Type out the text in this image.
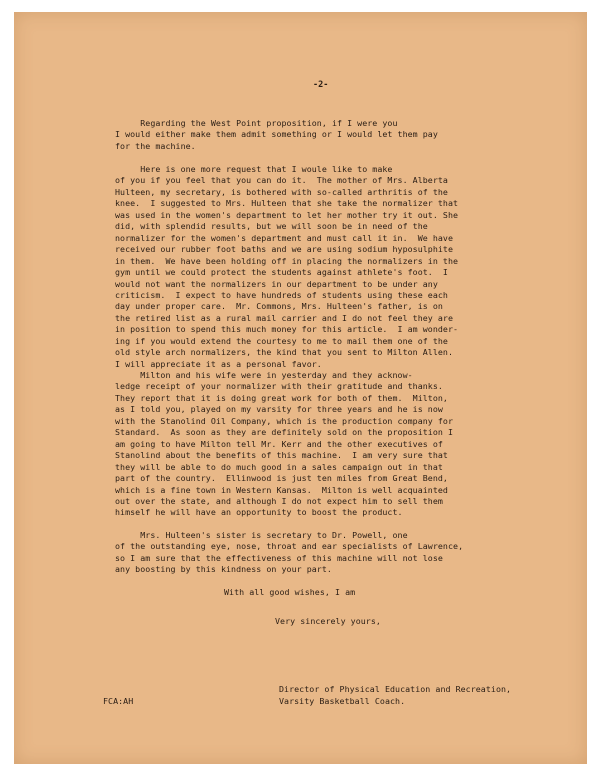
-2-
Regarding the West Point proposition, if I were you
I would either make them admit something or I would let them pay
for the machine.
Here is one more request that I woule like to make
of you if you feel that you can do it.  The mother of Mrs. Alberta
Hulteen, my secretary, is bothered with so-called arthritis of the
knee.  I suggested to Mrs. Hulteen that she take the normalizer that
was used in the women's department to let her mother try it out. She
did, with splendid results, but we will soon be in need of the
normalizer for the women's department and must call it in.  We have
received our rubber foot baths and we are using sodium hyposulphite
in them.  We have been holding off in placing the normalizers in the
gym until we could protect the students against athlete's foot.  I
would not want the normalizers in our department to be under any
criticism.  I expect to have hundreds of students using these each
day under proper care.  Mr. Commons, Mrs. Hulteen's father, is on
the retired list as a rural mail carrier and I do not feel they are
in position to spend this much money for this article.  I am wonder-
ing if you would extend the courtesy to me to mail them one of the
old style arch normalizers, the kind that you sent to Milton Allen.
I will appreciate it as a personal favor.
Milton and his wife were in yesterday and they acknow-
ledge receipt of your normalizer with their gratitude and thanks.
They report that it is doing great work for both of them.  Milton,
as I told you, played on my varsity for three years and he is now
with the Stanolind Oil Company, which is the production company for
Standard.  As soon as they are definitely sold on the proposition I
am going to have Milton tell Mr. Kerr and the other executives of
Stanolind about the benefits of this machine.  I am very sure that
they will be able to do much good in a sales campaign out in that
part of the country.  Ellinwood is just ten miles from Great Bend,
which is a fine town in Western Kansas.  Milton is well acquainted
out over the state, and although I do not expect him to sell them
himself he will have an opportunity to boost the product.
Mrs. Hulteen's sister is secretary to Dr. Powell, one
of the outstanding eye, nose, throat and ear specialists of Lawrence,
so I am sure that the effectiveness of this machine will not lose
any boosting by this kindness on your part.
With all good wishes, I am
Very sincerely yours,
Director of Physical Education and Recreation,
Varsity Basketball Coach.
FCA:AH
